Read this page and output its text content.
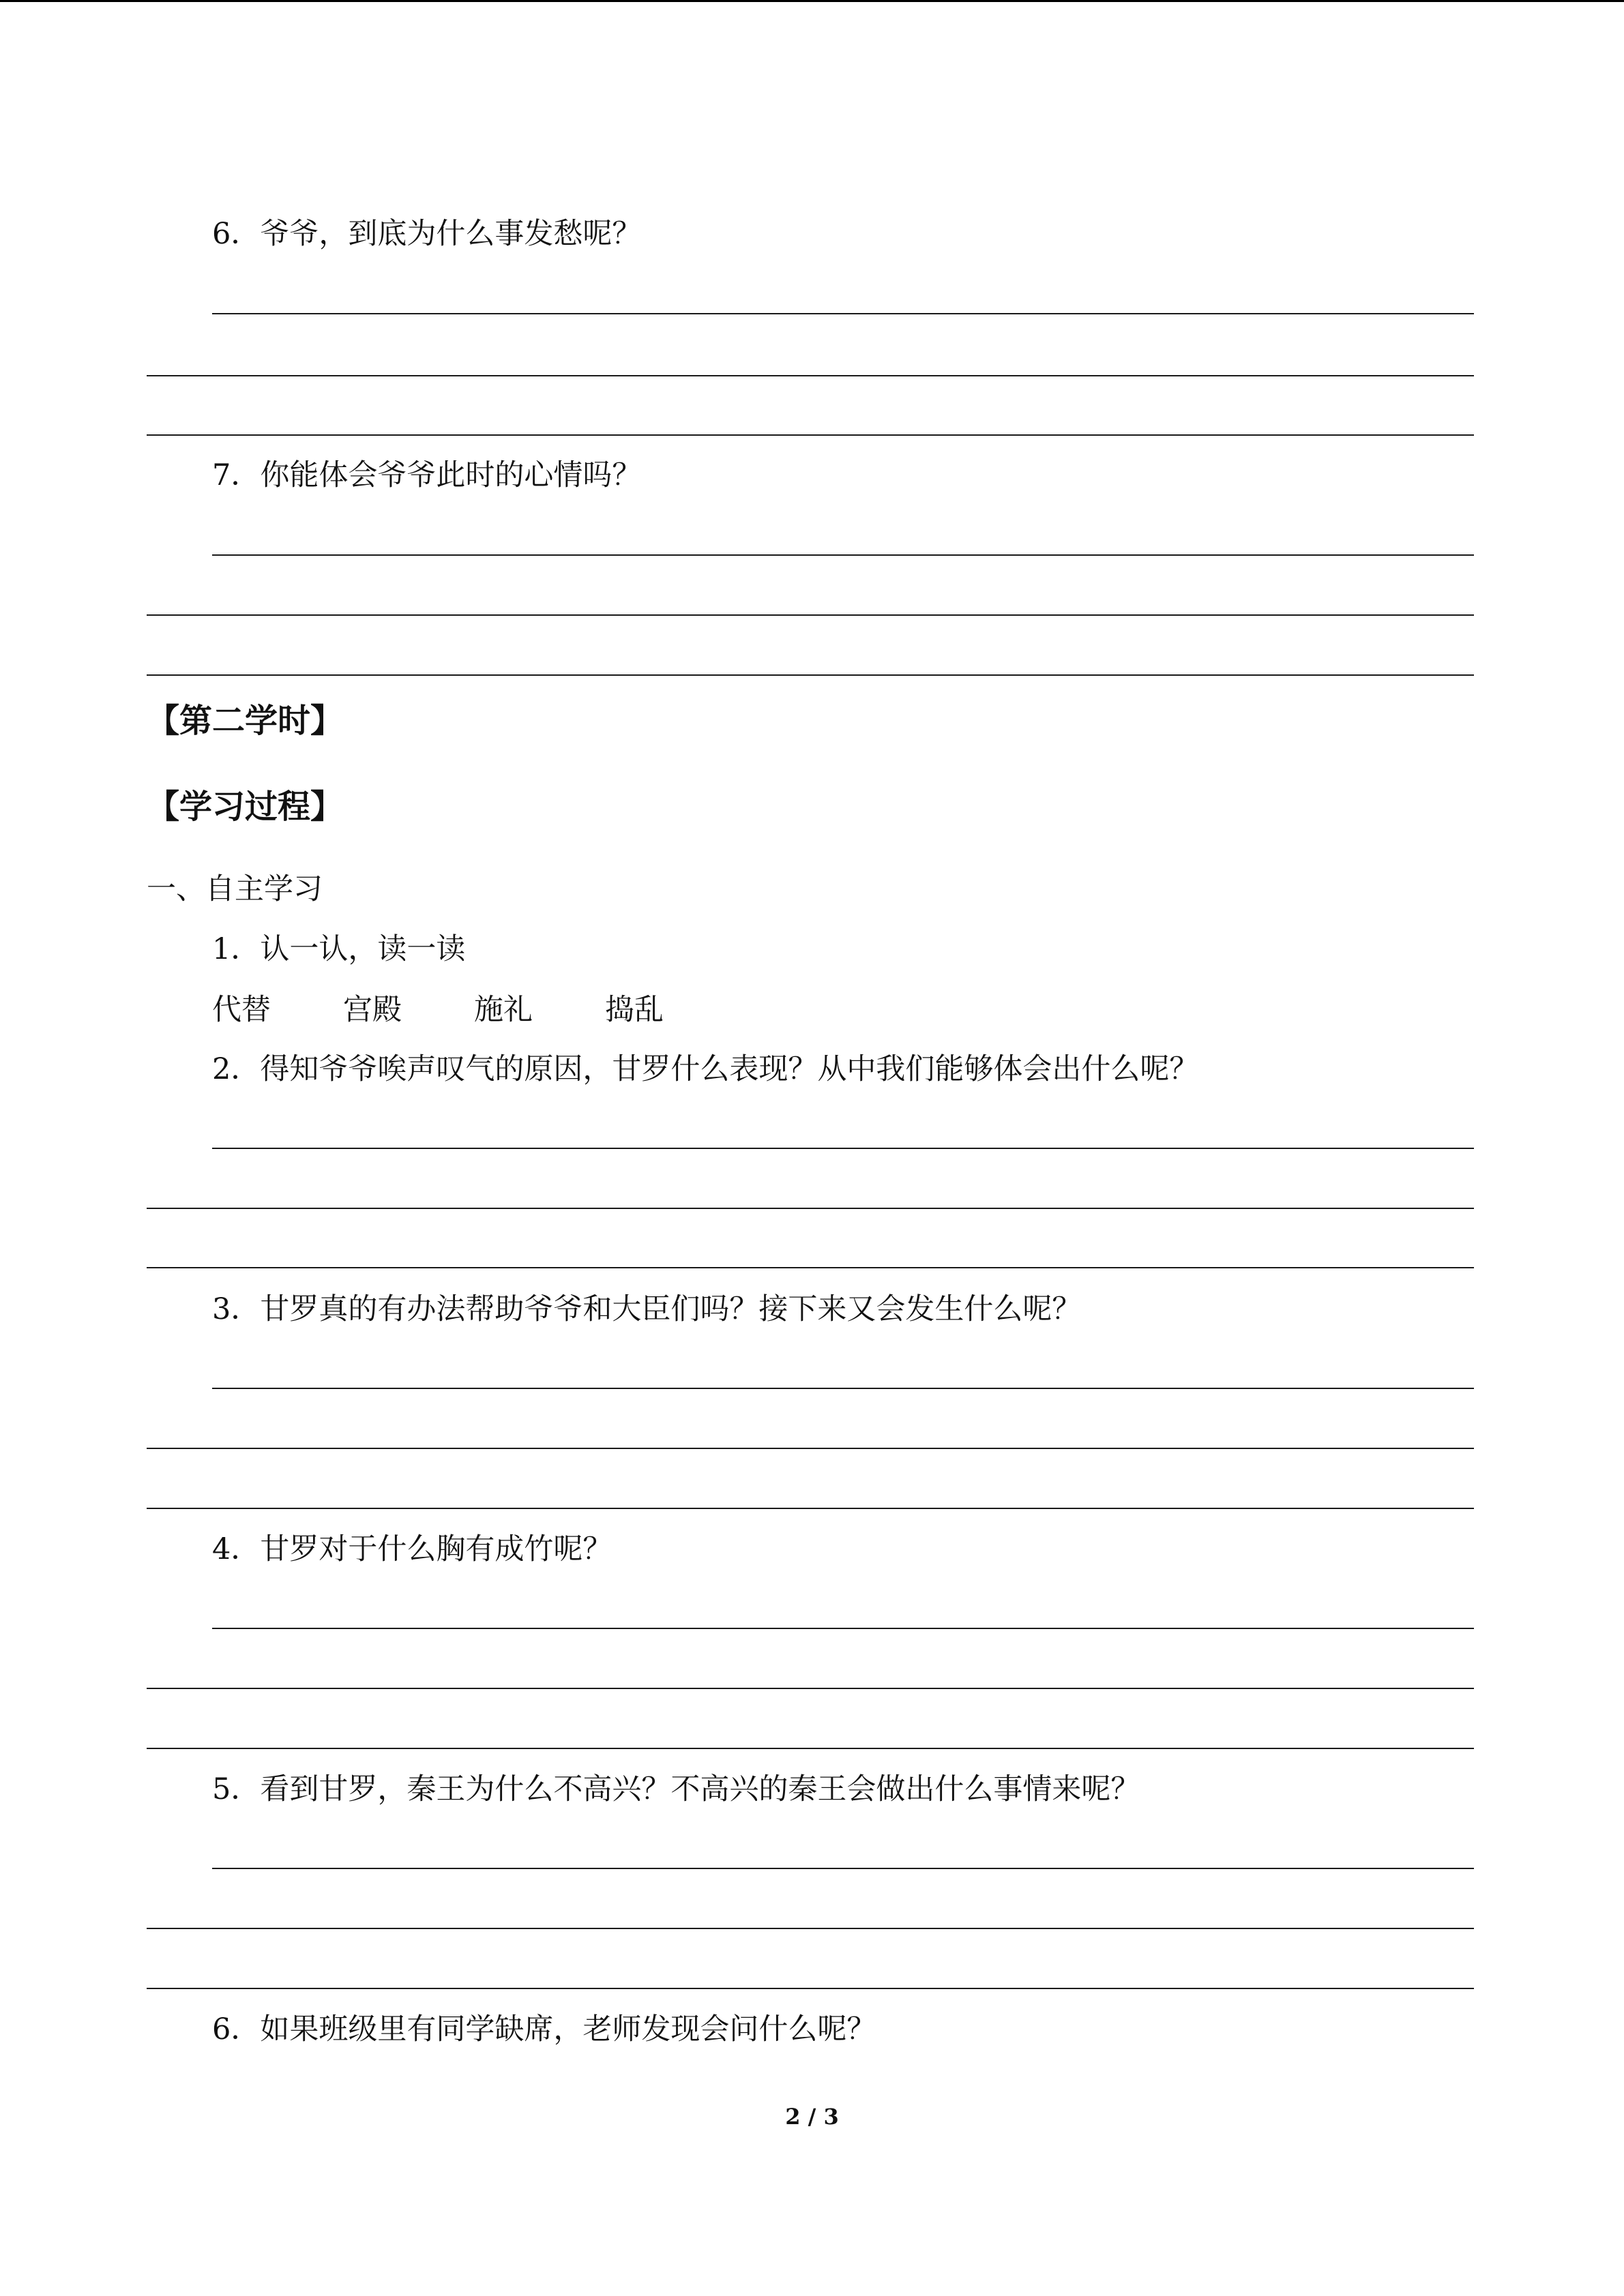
6．爷爷，到底为什么事发愁呢？
7．你能体会爷爷此时的心情吗？
【第二学时】
【学习过程】
一、自主学习
1．认一认，读一读
代替	宫殿	施礼	捣乱
2．得知爷爷唉声叹气的原因，甘罗什么表现？从中我们能够体会出什么呢？
3．甘罗真的有办法帮助爷爷和大臣们吗？接下来又会发生什么呢？
4．甘罗对于什么胸有成竹呢？
5．看到甘罗，秦王为什么不高兴？不高兴的秦王会做出什么事情来呢？
6．如果班级里有同学缺席，老师发现会问什么呢？
2 / 3
